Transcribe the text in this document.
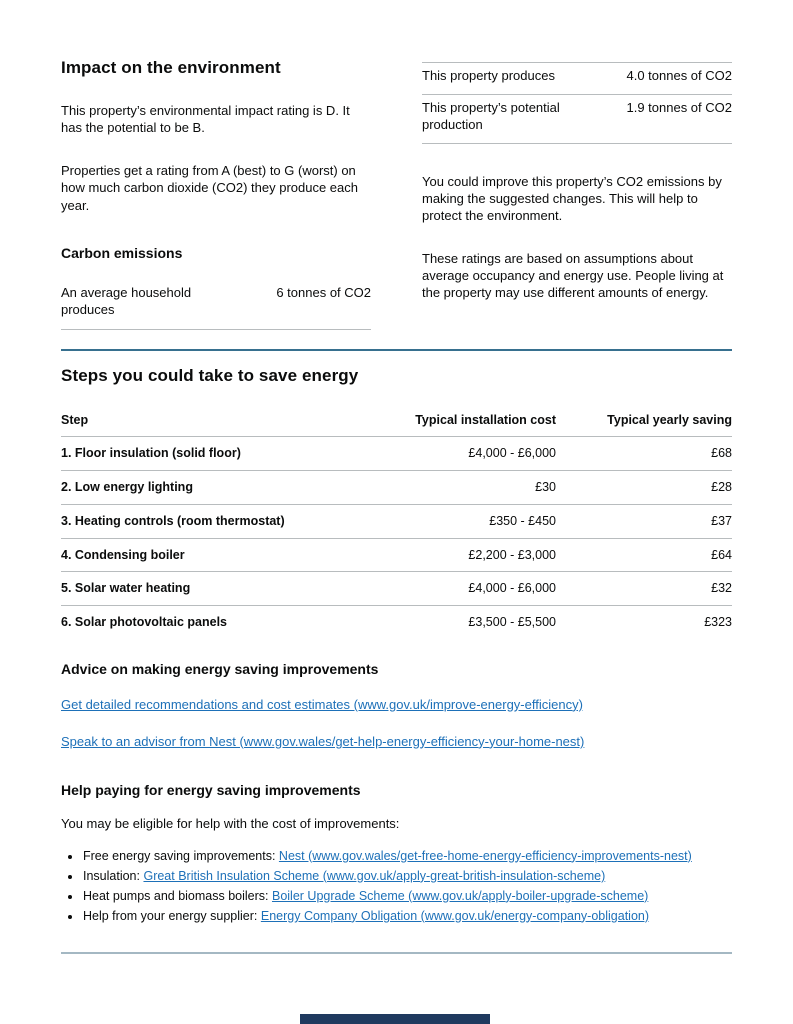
Impact on the environment

This property’s environmental impact rating is D. It has the potential to be B.

Properties get a rating from A (best) to G (worst) on how much carbon dioxide (CO2) they produce each year.

Carbon emissions
An average household produces
6 tonnes of CO2
This property produces	4.0 tonnes of CO2
This property’s potential production
1.9 tonnes of CO2

You could improve this property’s CO2 emissions by making the suggested changes. This will help to protect the environment.

These ratings are based on assumptions about average occupancy and energy use. People living at the property may use different amounts of energy.

Steps you could take to save energy
Step	Typical installation cost	Typical yearly saving
1. Floor insulation (solid floor)	£4,000 - £6,000	£68
2. Low energy lighting	£30	£28
3. Heating controls (room thermostat)	£350 - £450	£37
4. Condensing boiler	£2,200 - £3,000	£64
5. Solar water heating	£4,000 - £6,000	£32
6. Solar photovoltaic panels	£3,500 - £5,500	£323
Advice on making energy saving improvements

Get detailed recommendations and cost estimates (www.gov.uk/improve-energy-efficiency)

Speak to an advisor from Nest (www.gov.wales/get-help-energy-efficiency-your-home-nest)

Help paying for energy saving improvements

You may be eligible for help with the cost of improvements:

• Free energy saving improvements: Nest (www.gov.wales/get-free-home-energy-efficiency-improvements-nest)
• Insulation: Great British Insulation Scheme (www.gov.uk/apply-great-british-insulation-scheme)
• Heat pumps and biomass boilers: Boiler Upgrade Scheme (www.gov.uk/apply-boiler-upgrade-scheme)
• Help from your energy supplier: Energy Company Obligation (www.gov.uk/energy-company-obligation)
